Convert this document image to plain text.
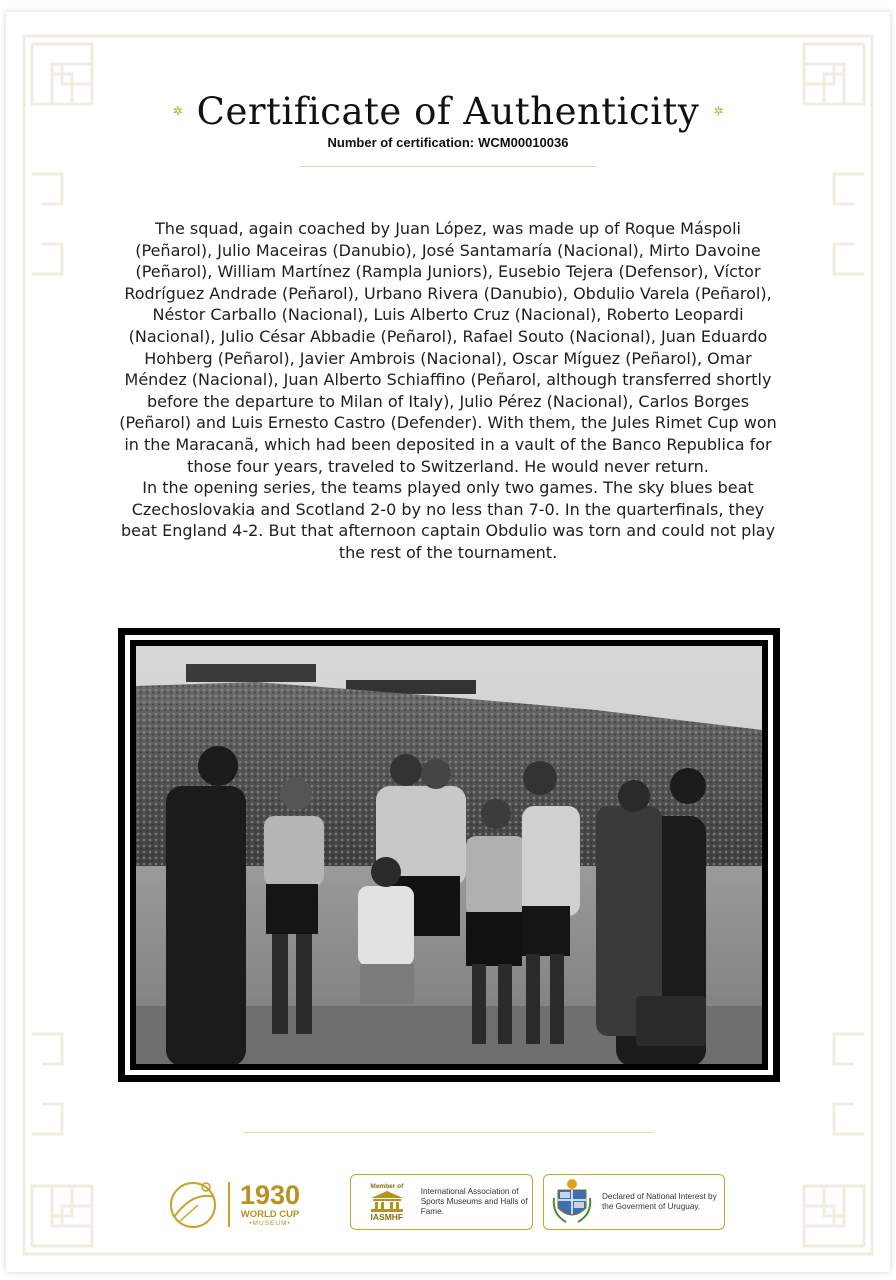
✲ Certificate of Authenticity ✲
Number of certification: WCM00010036

The squad, again coached by Juan López, was made up of Roque Máspoli (Peñarol), Julio Maceiras (Danubio), José Santamaría (Nacional), Mirto Davoine (Peñarol), William Martínez (Rampla Juniors), Eusebio Tejera (Defensor), Víctor Rodríguez Andrade (Peñarol), Urbano Rivera (Danubio), Obdulio Varela (Peñarol), Néstor Carballo (Nacional), Luis Alberto Cruz (Nacional), Roberto Leopardi (Nacional), Julio César Abbadie (Peñarol), Rafael Souto (Nacional), Juan Eduardo Hohberg (Peñarol), Javier Ambrois (Nacional), Oscar Míguez (Peñarol), Omar Méndez (Nacional), Juan Alberto Schiaffino (Peñarol, although transferred shortly before the departure to Milan of Italy), Julio Pérez (Nacional), Carlos Borges (Peñarol) and Luis Ernesto Castro (Defender). With them, the Jules Rimet Cup won in the Maracanã, which had been deposited in a vault of the Banco Republica for those four years, traveled to Switzerland. He would never return.

In the opening series, the teams played only two games. The sky blues beat Czechoslovakia and Scotland 2-0 by no less than 7-0. In the quarterfinals, they beat England 4-2. But that afternoon captain Obdulio was torn and could not play the rest of the tournament.

1930
WORLD CUP
•MUSEUM•
Member of
IASMHF
International Association of Sports Museums and Halls of Fame.
Declared of National Interest by the Goverment of Uruguay.
